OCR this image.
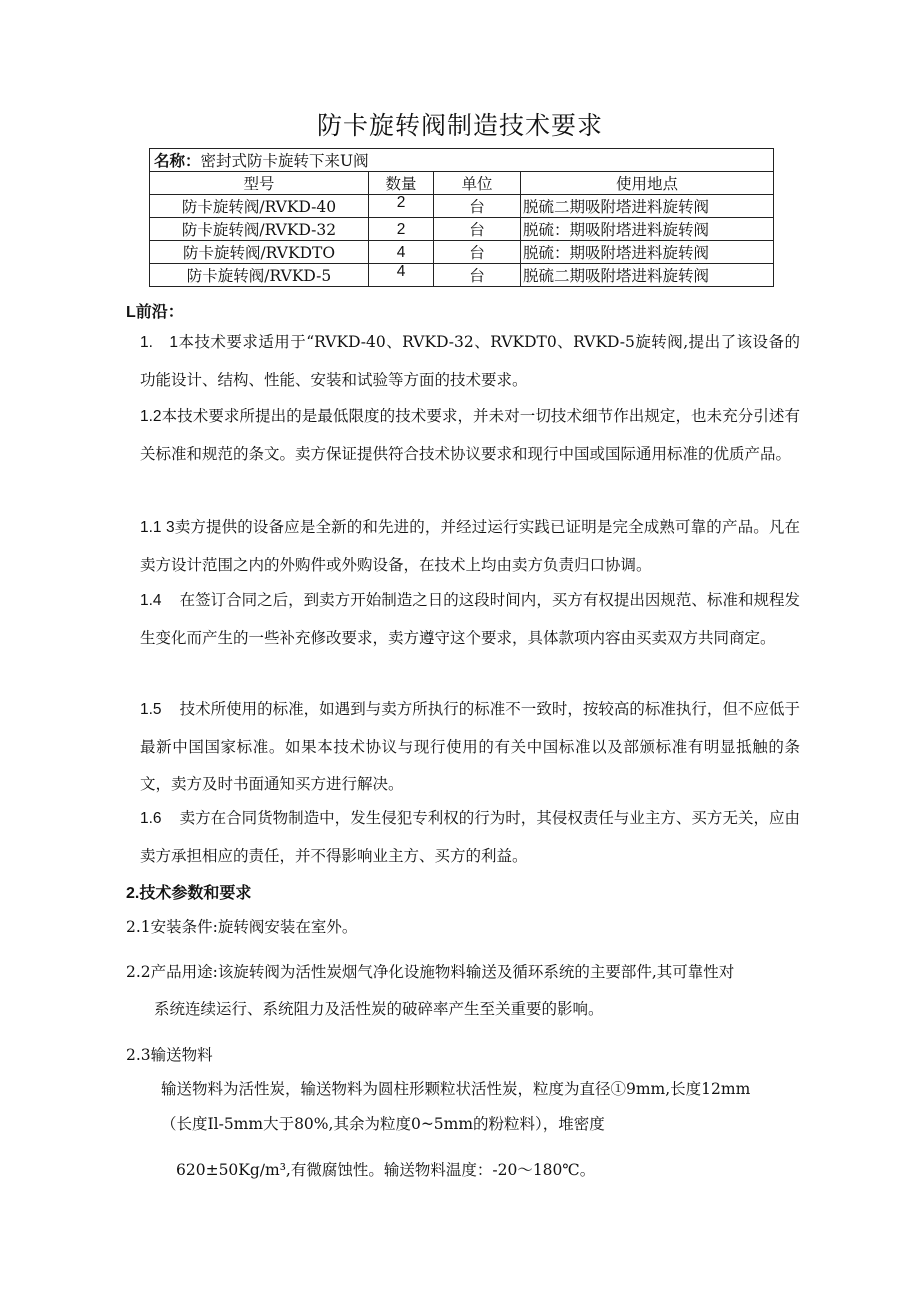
防卡旋转阀制造技术要求
名称：密封式防卡旋转下来U阀			
型号	数量	单位	使用地点
防卡旋转阀/RVKD-40	2	台	脱硫二期吸附塔进料旋转阀
防卡旋转阀/RVKD-32	2	台	脱硫：期吸附塔进料旋转阀
防卡旋转阀/RVKDTO	4	台	脱硫：期吸附塔进料旋转阀
防卡旋转阀/RVKD-5	4	台	脱硫二期吸附塔进料旋转阀
L前沿：
1.　1本技术要求适用于“RVKD-40、RVKD-32、RVKDT0、RVKD-5旋转阀,提出了该设备的功能设计、结构、性能、安装和试验等方面的技术要求。
1.2本技术要求所提出的是最低限度的技术要求，并未对一切技术细节作出规定，也未充分引述有关标准和规范的条文。卖方保证提供符合技术协议要求和现行中国或国际通用标准的优质产品。
1.1 3卖方提供的设备应是全新的和先进的，并经过运行实践已证明是完全成熟可靠的产品。凡在卖方设计范围之内的外购件或外购设备，在技术上均由卖方负责归口协调。
1.4 在签订合同之后，到卖方开始制造之日的这段时间内，买方有权提出因规范、标准和规程发生变化而产生的一些补充修改要求，卖方遵守这个要求，具体款项内容由买卖双方共同商定。
1.5 技术所使用的标准，如遇到与卖方所执行的标准不一致时，按较高的标准执行，但不应低于最新中国国家标准。如果本技术协议与现行使用的有关中国标准以及部颁标准有明显抵触的条文，卖方及时书面通知买方进行解决。
1.6 卖方在合同货物制造中，发生侵犯专利权的行为时，其侵权责任与业主方、买方无关，应由卖方承担相应的责任，并不得影响业主方、买方的利益。
2.技术参数和要求
2.1安装条件:旋转阀安装在室外。
2.2产品用途:该旋转阀为活性炭烟气净化设施物料输送及循环系统的主要部件,其可靠性对
系统连续运行、系统阻力及活性炭的破碎率产生至关重要的影响。
2.3输送物料
输送物料为活性炭，输送物料为圆柱形颗粒状活性炭，粒度为直径①9mm,长度12mm
（长度Il-5mm大于80%,其余为粒度0~5mm的粉粒料），堆密度
620±50Kg∕m³,有微腐蚀性。输送物料温度：-20～180℃。
